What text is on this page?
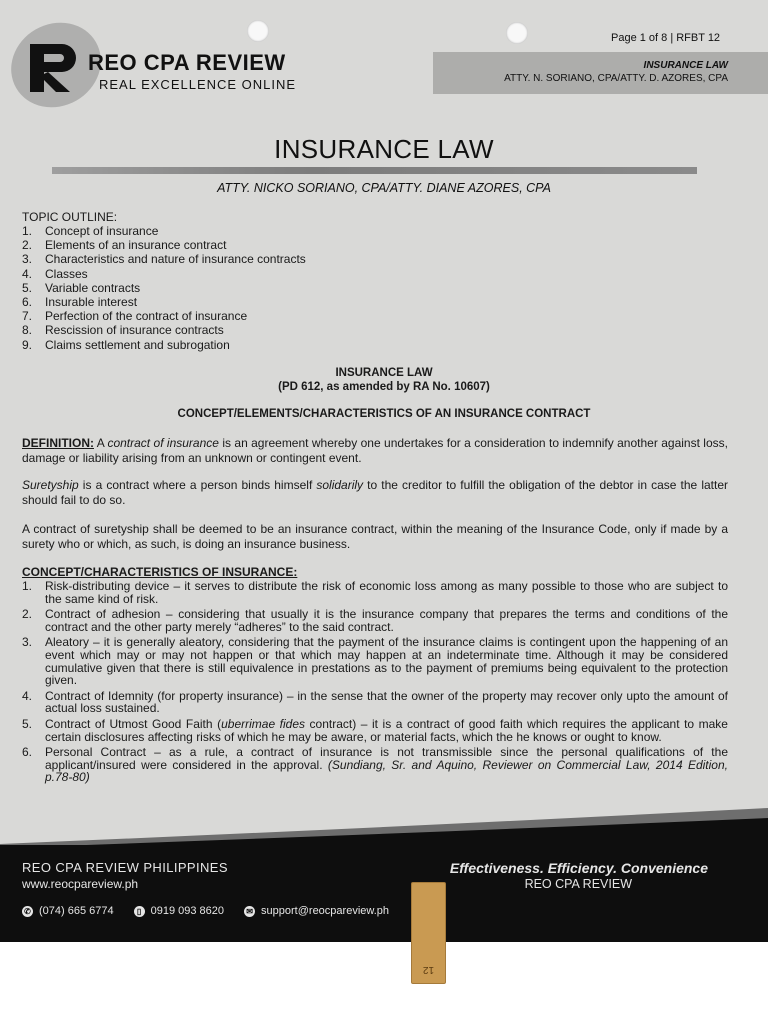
REO CPA REVIEW
REAL EXCELLENCE ONLINE
Page 1 of 8 | RFBT 12
INSURANCE LAW
ATTY. N. SORIANO, CPA/ATTY. D. AZORES, CPA
INSURANCE LAW
ATTY. NICKO SORIANO, CPA/ATTY. DIANE AZORES, CPA
TOPIC OUTLINE:
1. Concept of insurance
2. Elements of an insurance contract
3. Characteristics and nature of insurance contracts
4. Classes
5. Variable contracts
6. Insurable interest
7. Perfection of the contract of insurance
8. Rescission of insurance contracts
9. Claims settlement and subrogation
INSURANCE LAW
(PD 612, as amended by RA No. 10607)
CONCEPT/ELEMENTS/CHARACTERISTICS OF AN INSURANCE CONTRACT

DEFINITION: A contract of insurance is an agreement whereby one undertakes for a consideration to indemnify another against loss, damage or liability arising from an unknown or contingent event.

Suretyship is a contract where a person binds himself solidarily to the creditor to fulfill the obligation of the debtor in case the latter should fail to do so.

A contract of suretyship shall be deemed to be an insurance contract, within the meaning of the Insurance Code, only if made by a surety who or which, as such, is doing an insurance business.

CONCEPT/CHARACTERISTICS OF INSURANCE:
1. Risk-distributing device – it serves to distribute the risk of economic loss among as many possible to those who are subject to the same kind of risk.
2. Contract of adhesion – considering that usually it is the insurance company that prepares the terms and conditions of the contract and the other party merely “adheres” to the said contract.
3. Aleatory – it is generally aleatory, considering that the payment of the insurance claims is contingent upon the happening of an event which may or may not happen or that which may happen at an indeterminate time. Although it may be considered cumulative given that there is still equivalence in prestations as to the payment of premiums being equivalent to the protection given.
4. Contract of Idemnity (for property insurance) – in the sense that the owner of the property may recover only upto the amount of actual loss sustained.
5. Contract of Utmost Good Faith (uberrimae fides contract) – it is a contract of good faith which requires the applicant to make certain disclosures affecting risks of which he may be aware, or material facts, which the he knows or ought to know.
6. Personal Contract – as a rule, a contract of insurance is not transmissible since the personal qualifications of the applicant/insured were considered in the approval. (Sundiang, Sr. and Aquino, Reviewer on Commercial Law, 2014 Edition, p.78-80)
REO CPA REVIEW PHILIPPINES
www.reocpareview.ph
✆ (074) 665 6774	▯ 0919 093 8620	✉ support@reocpareview.ph
Effectiveness. Efficiency. Convenience
REO CPA REVIEW
12
